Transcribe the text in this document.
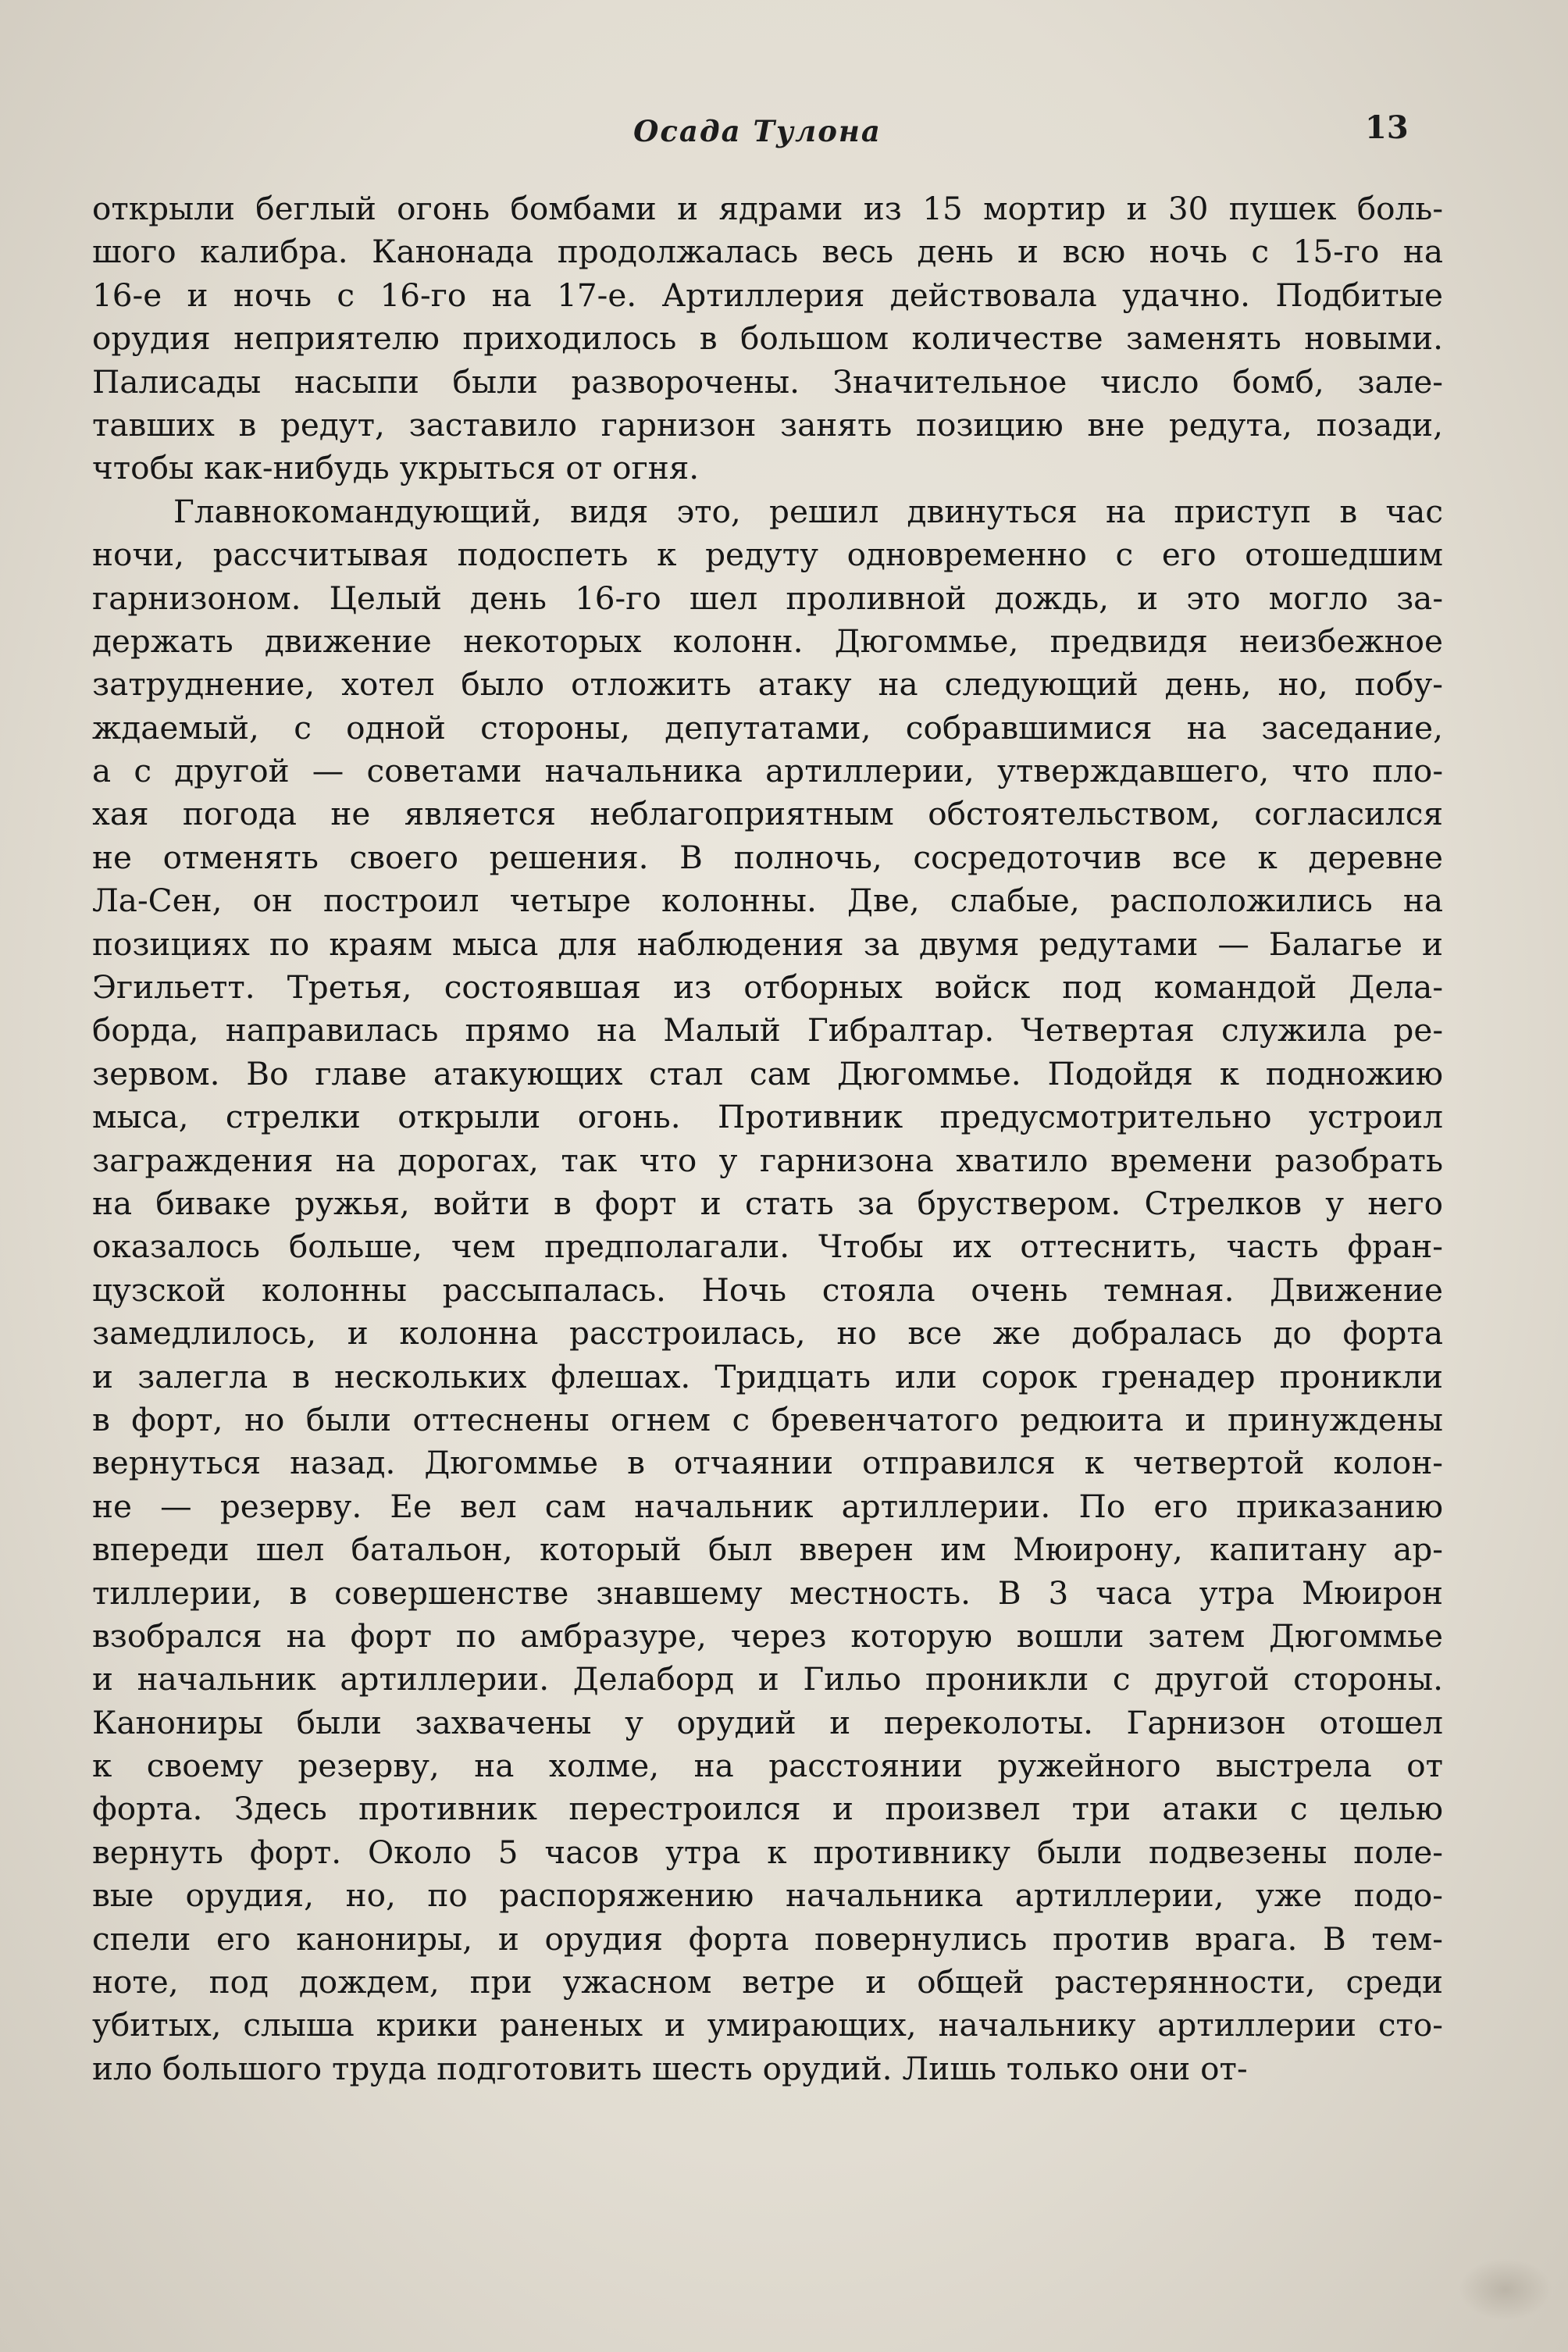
Осада Тулона	13
открыли беглый огонь бомбами и ядрами из 15 мортир и 30 пушек боль-
шого калибра. Канонада продолжалась весь день и всю ночь с 15-го на
16-е и ночь с 16-го на 17-е. Артиллерия действовала удачно. Подбитые
орудия неприятелю приходилось в большом количестве заменять новыми.
Палисады насыпи были разворочены. Значительное число бомб, зале-
тавших в редут, заставило гарнизон занять позицию вне редута, позади,
чтобы как-нибудь укрыться от огня.
Главнокомандующий, видя это, решил двинуться на приступ в час
ночи, рассчитывая подоспеть к редуту одновременно с его отошедшим
гарнизоном. Целый день 16-го шел проливной дождь, и это могло за-
держать движение некоторых колонн. Дюгоммье, предвидя неизбежное
затруднение, хотел было отложить атаку на следующий день, но, побу-
ждаемый, с одной стороны, депутатами, собравшимися на заседание,
а с другой — советами начальника артиллерии, утверждавшего, что пло-
хая погода не является неблагоприятным обстоятельством, согласился
не отменять своего решения. В полночь, сосредоточив все к деревне
Ла-Сен, он построил четыре колонны. Две, слабые, расположились на
позициях по краям мыса для наблюдения за двумя редутами — Балагье и
Эгильетт. Третья, состоявшая из отборных войск под командой Дела-
борда, направилась прямо на Малый Гибралтар. Четвертая служила ре-
зервом. Во главе атакующих стал сам Дюгоммье. Подойдя к подножию
мыса, стрелки открыли огонь. Противник предусмотрительно устроил
заграждения на дорогах, так что у гарнизона хватило времени разобрать
на биваке ружья, войти в форт и стать за бруствером. Стрелков у него
оказалось больше, чем предполагали. Чтобы их оттеснить, часть фран-
цузской колонны рассыпалась. Ночь стояла очень темная. Движение
замедлилось, и колонна расстроилась, но все же добралась до форта
и залегла в нескольких флешах. Тридцать или сорок гренадер проникли
в форт, но были оттеснены огнем с бревенчатого редюита и принуждены
вернуться назад. Дюгоммье в отчаянии отправился к четвертой колон-
не — резерву. Ее вел сам начальник артиллерии. По его приказанию
впереди шел батальон, который был вверен им Мюирону, капитану ар-
тиллерии, в совершенстве знавшему местность. В 3 часа утра Мюирон
взобрался на форт по амбразуре, через которую вошли затем Дюгоммье
и начальник артиллерии. Делаборд и Гильо проникли с другой стороны.
Канониры были захвачены у орудий и переколоты. Гарнизон отошел
к своему резерву, на холме, на расстоянии ружейного выстрела от
форта. Здесь противник перестроился и произвел три атаки с целью
вернуть форт. Около 5 часов утра к противнику были подвезены поле-
вые орудия, но, по распоряжению начальника артиллерии, уже подо-
спели его канониры, и орудия форта повернулись против врага. В тем-
ноте, под дождем, при ужасном ветре и общей растерянности, среди
убитых, слыша крики раненых и умирающих, начальнику артиллерии сто-
ило большого труда подготовить шесть орудий. Лишь только они от-
